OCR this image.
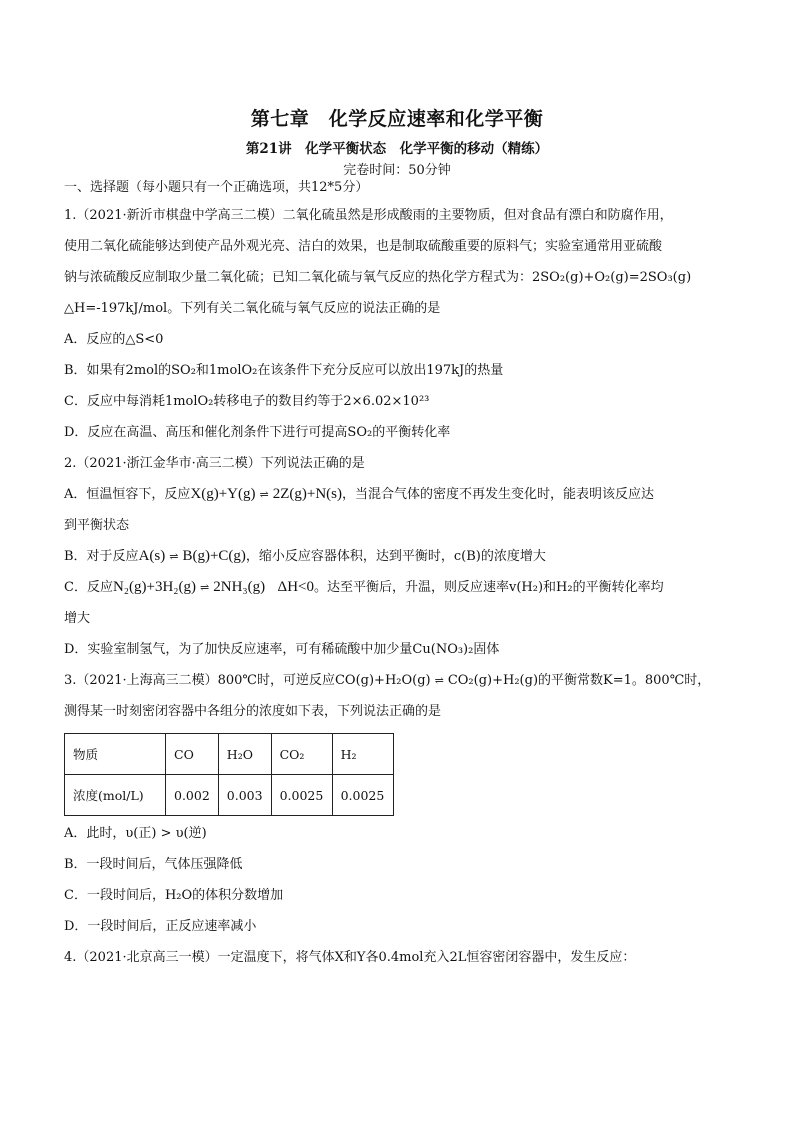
第七章　化学反应速率和化学平衡
第21讲　化学平衡状态　化学平衡的移动（精练）
完卷时间：50分钟

一、选择题（每小题只有一个正确选项，共12*5分）

1.（2021·新沂市棋盘中学高三二模）二氧化硫虽然是形成酸雨的主要物质，但对食品有漂白和防腐作用，

使用二氧化硫能够达到使产品外观光亮、洁白的效果，也是制取硫酸重要的原料气；实验室通常用亚硫酸

钠与浓硫酸反应制取少量二氧化硫；已知二氧化硫与氧气反应的热化学方程式为：2SO₂(g)+O₂(g)=2SO₃(g)

△H=-197kJ/mol。下列有关二氧化硫与氧气反应的说法正确的是

A．反应的△S<0

B．如果有2mol的SO₂和1molO₂在该条件下充分反应可以放出197kJ的热量

C．反应中每消耗1molO₂转移电子的数目约等于2×6.02×10²³

D．反应在高温、高压和催化剂条件下进行可提高SO₂的平衡转化率

2.（2021·浙江金华市·高三二模）下列说法正确的是

A．恒温恒容下，反应X(g)+Y(g) ⇌ 2Z(g)+N(s)，当混合气体的密度不再发生变化时，能表明该反应达

到平衡状态

B．对于反应A(s) ⇌ B(g)+C(g)，缩小反应容器体积，达到平衡时，c(B)的浓度增大

C．反应N₂(g)+3H₂(g) ⇌ 2NH₃(g) ΔH<0。达至平衡后，升温，则反应速率v(H₂)和H₂的平衡转化率均

增大

D．实验室制氢气，为了加快反应速率，可有稀硫酸中加少量Cu(NO₃)₂固体

3.（2021·上海高三二模）800℃时，可逆反应CO(g)+H₂O(g) ⇌ CO₂(g)+H₂(g)的平衡常数K=1。800℃时，

测得某一时刻密闭容器中各组分的浓度如下表，下列说法正确的是

物质	CO	H₂O	CO₂	H₂
浓度(mol/L)	0.002	0.003	0.0025	0.0025

A．此时，υ(正) > υ(逆)

B．一段时间后，气体压强降低

C．一段时间后，H₂O的体积分数增加

D．一段时间后，正反应速率减小

4.（2021·北京高三一模）一定温度下，将气体X和Y各0.4mol充入2L恒容密闭容器中，发生反应：
